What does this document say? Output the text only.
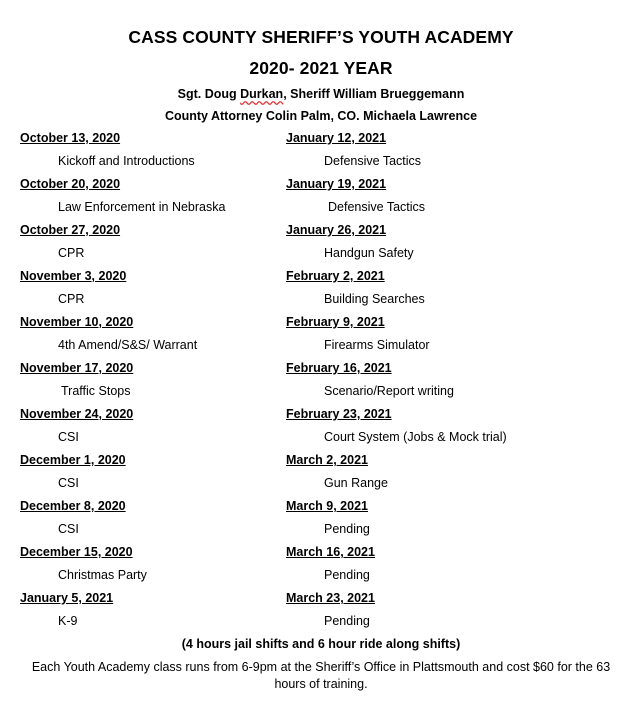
CASS COUNTY SHERIFF’S YOUTH ACADEMY
2020- 2021 YEAR
Sgt. Doug Durkan, Sheriff William Brueggemann
County Attorney Colin Palm, CO. Michaela Lawrence
October 13, 2020
Kickoff and Introductions
October 20, 2020
Law Enforcement in Nebraska
October 27, 2020
CPR
November 3, 2020
CPR
November 10, 2020
4th Amend/S&S/ Warrant
November 17, 2020
Traffic Stops
November 24, 2020
CSI
December 1, 2020
CSI
December 8, 2020
CSI
December 15, 2020
Christmas Party
January 5, 2021
K-9
January 12, 2021
Defensive Tactics
January 19, 2021
Defensive Tactics
January 26, 2021
Handgun Safety
February 2, 2021
Building Searches
February 9, 2021
Firearms Simulator
February 16, 2021
Scenario/Report writing
February 23, 2021
Court System (Jobs & Mock trial)
March 2, 2021
Gun Range
March 9, 2021
Pending
March 16, 2021
Pending
March 23, 2021
Pending
(4 hours jail shifts and 6 hour ride along shifts)
Each Youth Academy class runs from 6-9pm at the Sheriff’s Office in Plattsmouth and cost $60 for the 63 hours of training.
